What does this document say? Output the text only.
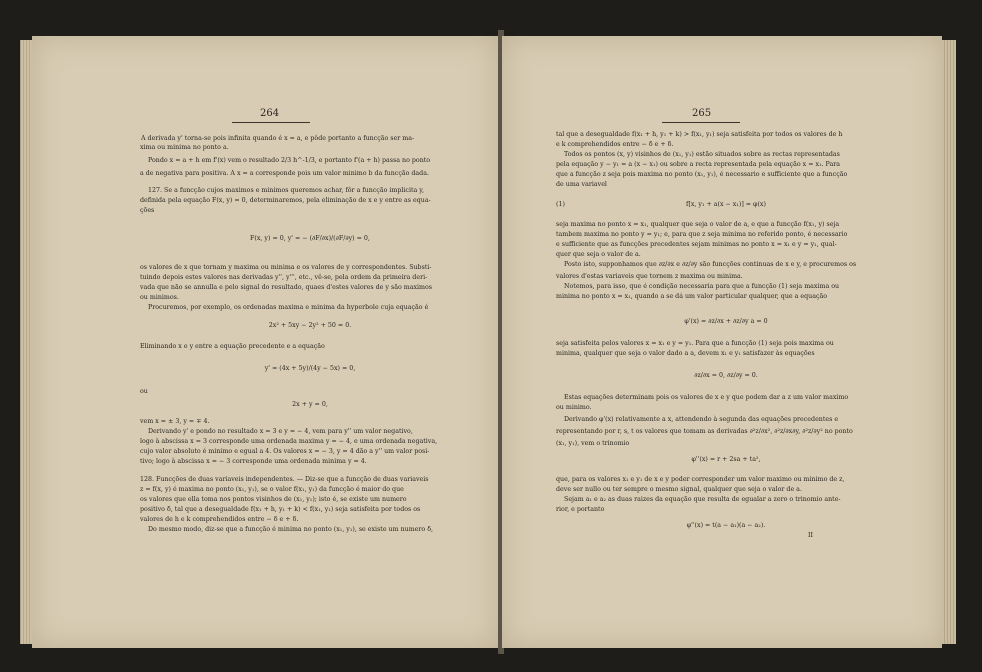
264
A derivada y' torna-se pois infinita quando é x = a, e pôde portanto a funcção ser ma-
xima ou minima no ponto a.
Pondo x = a + h em f'(x) vem o resultado 2/3 h^-1/3, e portanto f'(a + h) passa no ponto
a de negativa para positiva. A x = a corresponde pois um valor minimo b da funcção dada.
127. Se a funcção cujos maximos e minimos queremos achar, fôr a funcção implicita y,
definida pela equação F(x, y) = 0, determinaremos, pela eliminação de x e y entre as equa-
ções
F(x, y) = 0, y' = − (∂F/∂x)/(∂F/∂y) = 0,
os valores de x que tornam y maxima ou minima e os valores de y correspondentes. Substi-
tuindo depois estes valores nas derivadas y'', y''', etc., vê-se, pela ordem da primeira deri-
vada que não se annulla e pelo signal do resultado, quaes d'estes valores de y são maximos
ou minimos.
Procuremos, por exemplo, os ordenadas maxima e minima da hyperbole cuja equação é
2x² + 5xy − 2y² + 50 = 0.
Eliminando x e y entre a equação precedente e a equação
y' = (4x + 5y)/(4y − 5x) = 0,
ou
2x + y = 0,
vem x = ± 3, y = ∓ 4.
Derivando y' e pondo no resultado x = 3 e y = − 4, vem para y'' um valor negativo,
logo à abscissa x = 3 corresponde uma ordenada maxima y = − 4, e uma ordenada negativa,
cujo valor absoluto é minimo e egual a 4. Os valores x = − 3, y = 4 dão a y'' um valor posi-
tivo; logo à abscissa x = − 3 corresponde uma ordenada minima y = 4.
128. Funcções de duas variaveis independentes. — Diz-se que a funcção de duas variaveis
z = f(x, y) é maxima no ponto (x₁, y₁), se o valor f(x₁, y₁) da funcção é maior do que
os valores que ella toma nos pontos visinhos de (x₁, y₁); isto é, se existe um numero
positivo δ, tal que a desegualdade f(x₁ + h, y₁ + k) < f(x₁, y₁) seja satisfeita por todos os
valores de h e k comprehendidos entre − δ e + δ.
Do mesmo modo, diz-se que a funcção é minima no ponto (x₁, y₁), se existe um numero δ,
265
tal que a desegualdade f(x₁ + h, y₁ + k) > f(x₁, y₁) seja satisfeita por todos os valores de h
e k comprehendidos entre − δ e + δ.
Todos os pontos (x, y) visinhos de (x₁, y₁) estão situados sobre as rectas representadas
pela equação y − y₁ = a (x − x₁) ou sobre a recta representada pela equação x = x₁. Para
que a funcção z seja pois maxima no ponto (x₁, y₁), é necessario e sufficiente que a funcção
de uma variavel
(1)	f[x, y₁ + a(x − x₁)] = φ(x)
seja maxima no ponto x = x₁, qualquer que seja o valor de a, e que a funcção f(x₁, y) seja
tambem maxima no ponto y = y₁; e, para que z seja minima no referido ponto, é necessario
e sufficiente que as funcções precedentes sejam minimas no ponto x = x₁ e y = y₁, qual-
quer que seja o valor de a.
Posto isto, supponhamos que ∂z/∂x e ∂z/∂y são funcções continuas de x e y, e procuremos os
valores d'estas variaveis que tornem z maxima ou minima.
Notemos, para isso, que é condição necessaria para que a funcção (1) seja maxima ou
minima no ponto x = x₁, quando a se dá um valor particular qualquer, que a equação
φ'(x) = ∂z/∂x + ∂z/∂y a = 0
seja satisfeita pelos valores x = x₁ e y = y₁. Para que a funcção (1) seja pois maxima ou
minima, qualquer que seja o valor dado a a, devem x₁ e y₁ satisfazer às equações
∂z/∂x = 0, ∂z/∂y = 0.
Estas equações determinam pois os valores de x e y que podem dar a z um valor maximo
ou minimo.
Derivando φ'(x) relativamente a x, attendendo à segunda das equações precedentes e
representando por r, s, t os valores que tomam as derivadas ∂²z/∂x², ∂²z/∂x∂y, ∂²z/∂y² no ponto
(x₁, y₁), vem o trinomio
φ''(x) = r + 2sa + ta²,
que, para os valores x₁ e y₁ de x e y poder corresponder um valor maximo ou minimo de z,
deve ser nullo ou ter sempre o mesmo signal, qualquer que seja o valor de a.
Sejam a₁ e a₂ as duas raizes da equação que resulta de egualar a zero o trinomio ante-
rior, e portanto
φ''(x) = t(a − a₁)(a − a₂).
II
